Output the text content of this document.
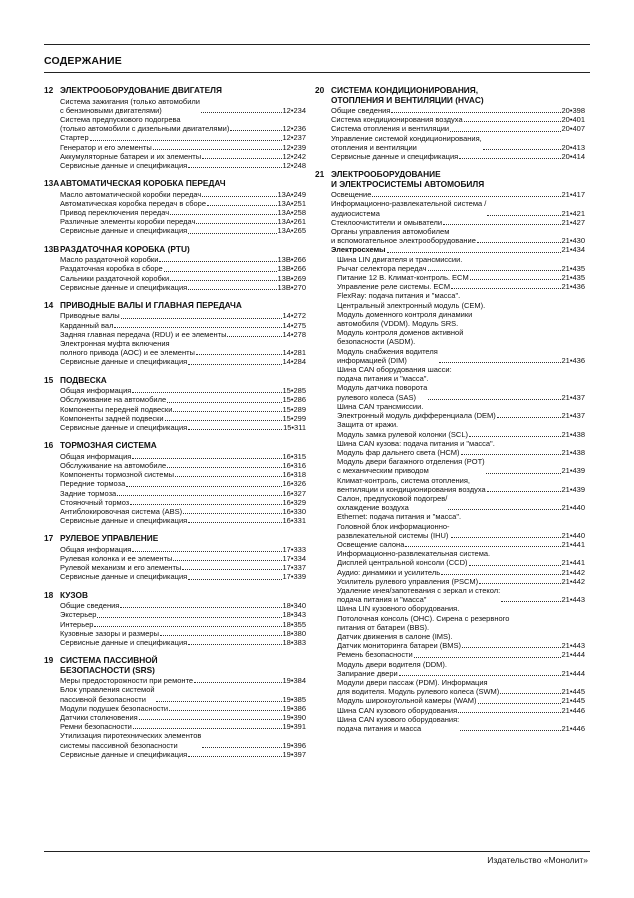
СОДЕРЖАНИЕ
12 ЭЛЕКТРООБОРУДОВАНИЕ ДВИГАТЕЛЯ
Система зажигания (только автомобили
с бензиновыми двигателями)	12•234
Система предпускового подогрева
(только автомобили с дизельными двигателями)	12•236
Стартер	12•237
Генератор и его элементы	12•239
Аккумуляторные батареи и их элементы	12•242
Сервисные данные и спецификация	12•248
13А АВТОМАТИЧЕСКАЯ КОРОБКА ПЕРЕДАЧ
Масло автоматической коробки передач	13А•249
Автоматическая коробка передач в сборе	13А•251
Привод переключения передач	13А•258
Различные элементы коробки передач	13А•261
Сервисные данные и спецификация	13А•265
13В РАЗДАТОЧНАЯ КОРОБКА (PTU)
Масло раздаточной коробки	13В•266
Раздаточная коробка в сборе	13В•266
Сальники раздаточной коробки	13В•269
Сервисные данные и спецификация	13В•270
14 ПРИВОДНЫЕ ВАЛЫ И ГЛАВНАЯ ПЕРЕДАЧА
Приводные валы	14•272
Карданный вал	14•275
Задняя главная передача (RDU) и ее элементы	14•278
Электронная муфта включения
полного привода (АОС) и ее элементы	14•281
Сервисные данные и спецификация	14•284
15 ПОДВЕСКА
Общая информация	15•285
Обслуживание на автомобиле	15•286
Компоненты передней подвески	15•289
Компоненты задней подвески	15•299
Сервисные данные и спецификация	15•311
16 ТОРМОЗНАЯ СИСТЕМА
Общая информация	16•315
Обслуживание на автомобиле	16•316
Компоненты тормозной системы	16•318
Передние тормоза	16•326
Задние тормоза	16•327
Стояночный тормоз	16•329
Антиблокировочная система (ABS)	16•330
Сервисные данные и спецификация	16•331
17 РУЛЕВОЕ УПРАВЛЕНИЕ
Общая информация	17•333
Рулевая колонка и ее элементы	17•334
Рулевой механизм и его элементы	17•337
Сервисные данные и спецификация	17•339
18 КУЗОВ
Общие сведения	18•340
Экстерьер	18•343
Интерьер	18•355
Кузовные зазоры и размеры	18•380
Сервисные данные и спецификация	18•383
19 СИСТЕМА ПАССИВНОЙ
БЕЗОПАСНОСТИ (SRS)
Меры предосторожности при ремонте	19•384
Блок управления системой
пассивной безопасности	19•385
Модули подушек безопасности	19•386
Датчики столкновения	19•390
Ремни безопасности	19•391
Утилизация пиротехнических элементов
системы пассивной безопасности	19•396
Сервисные данные и спецификация	19•397
20 СИСТЕМА КОНДИЦИОНИРОВАНИЯ,
ОТОПЛЕНИЯ И ВЕНТИЛЯЦИИ (HVAC)
Общие сведения	20•398
Система кондиционирования воздуха	20•401
Система отопления и вентиляции	20•407
Управление системой кондиционирования,
отопления и вентиляции	20•413
Сервисные данные и спецификация	20•414
21 ЭЛЕКТРООБОРУДОВАНИЕ
И ЭЛЕКТРОСИСТЕМЫ АВТОМОБИЛЯ
Освещение	21•417
Информационно-развлекательной система /
аудиосистема	21•421
Стеклоочистители и омыватели	21•427
Органы управления автомобилем
и вспомогательное электрооборудование	21•430
Электросхемы	21•434
Шина LIN двигателя и трансмиссии.
Рычаг селектора передач	21•435
Питание 12 В. Климат-контроль. ECM	21•435
Управление реле системы. ECM	21•436
FlexRay: подача питания и "масса".
Центральный электронный модуль (CEM).
Модуль доменного контроля динамики
автомобиля (VDDM). Модуль SRS.
Модуль контроля доменов активной
безопасности (ASDM).
Модуль снабжения водителя
информацией (DIM)	21•436
Шина CAN оборудования шасси:
подача питания и "масса".
Модуль датчика поворота
рулевого колеса (SAS)	21•437
Шина CAN трансмиссии.
Электронный модуль дифференциала (DEM)	21•437
Защита от кражи.
Модуль замка рулевой колонки (SCL)	21•438
Шина CAN кузова: подача питания и "масса".
Модуль фар дальнего света (HCM)	21•438
Модуль двери багажного отделения (POT)
с механическим приводом	21•439
Климат-контроль, система отопления,
вентиляции и кондиционирования воздуха	21•439
Салон, предпусковой подогрев/
охлаждение воздуха	21•440
Ethernet: подача питания и "масса".
Головной блок информационно-
развлекательной системы (IHU)	21•440
Освещение салона	21•441
Информационно-развлекательная система.
Дисплей центральной консоли (CCD)	21•441
Аудио: динамики и усилитель	21•442
Усилитель рулевого управления (PSCM)	21•442
Удаление инея/запотевания с зеркал и стекол:
подача питания и "масса"	21•443
Шина LIN кузовного оборудования.
Потолочная консоль (OHC). Сирена с резервного
питания от батареи (BBS).
Датчик движения в салоне (IMS).
Датчик мониторинга батареи (BMS)	21•443
Ремень безопасности	21•444
Модуль двери водителя (DDM).
Запирание двери	21•444
Модули двери пассаж (PDM). Информация
для водителя. Модуль рулевого колеса (SWM)	21•445
Модуль широкоугольной камеры (WAM)	21•445
Шина CAN кузового оборудования	21•446
Шина CAN кузового оборудования:
подача питания и масса	21•446
Издательство «Монолит»
